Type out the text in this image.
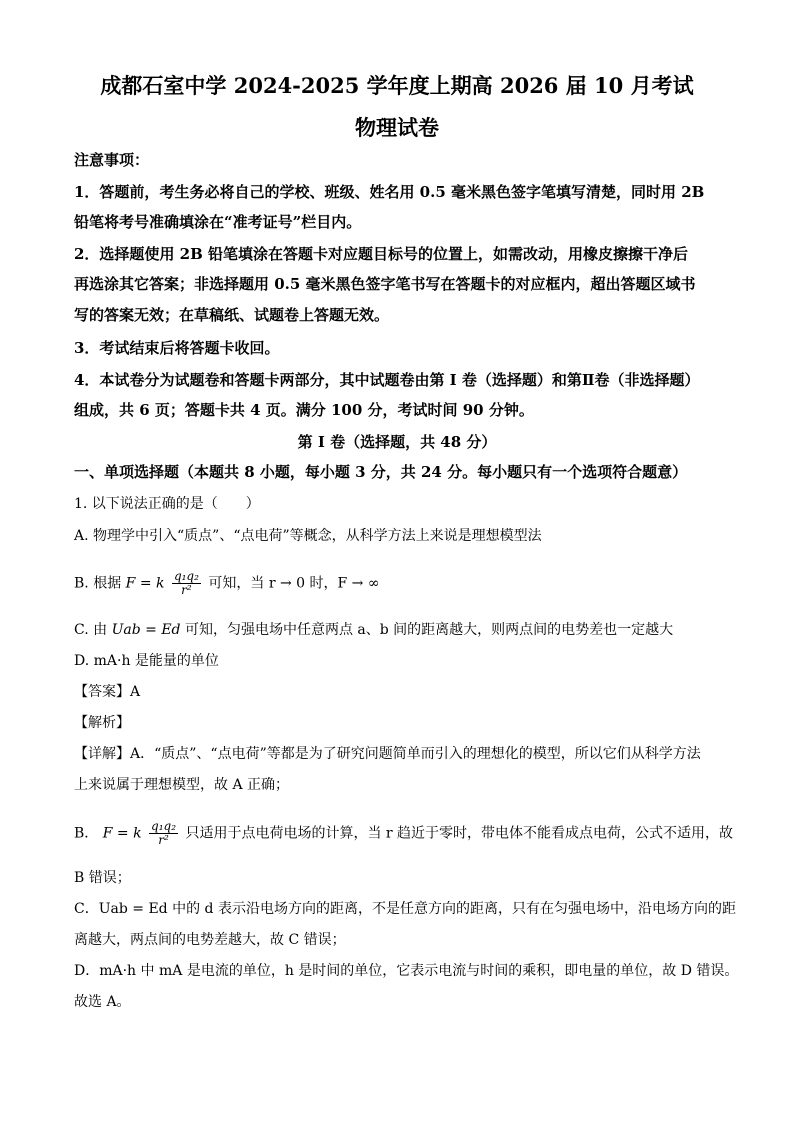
成都石室中学 2024-2025 学年度上期高 2026 届 10 月考试
物理试卷
注意事项：
1．答题前，考生务必将自己的学校、班级、姓名用 0.5 毫米黑色签字笔填写清楚，同时用 2B
铅笔将考号准确填涂在“准考证号”栏目内。
2．选择题使用 2B 铅笔填涂在答题卡对应题目标号的位置上，如需改动，用橡皮擦擦干净后
再选涂其它答案；非选择题用 0.5 毫米黑色签字笔书写在答题卡的对应框内，超出答题区域书
写的答案无效；在草稿纸、试题卷上答题无效。
3．考试结束后将答题卡收回。
4．本试卷分为试题卷和答题卡两部分，其中试题卷由第 Ⅰ 卷（选择题）和第Ⅱ卷（非选择题）
组成，共 6 页；答题卡共 4 页。满分 100 分，考试时间 90 分钟。
第 Ⅰ 卷（选择题，共 48 分）
一、单项选择题（本题共 8 小题，每小题 3 分，共 24 分。每小题只有一个选项符合题意）
1. 以下说法正确的是（　　）
A. 物理学中引入“质点”、“点电荷”等概念，从科学方法上来说是理想模型法
B. 根据 F = k $\frac{\text{q₁q₂}}{\text{r²}}$ 可知，当 r → 0 时，F → ∞
C. 由 Uab = Ed 可知，匀强电场中任意两点 a、b 间的距离越大，则两点间的电势差也一定越大
D. mA·h 是能量的单位
【答案】A
【解析】
【详解】A．“质点”、“点电荷”等都是为了研究问题简单而引入的理想化的模型，所以它们从科学方法
上来说属于理想模型，故 A 正确；
B． F = k $\frac{\text{q₁q₂}}{\text{r²}}$ 只适用于点电荷电场的计算，当 r 趋近于零时，带电体不能看成点电荷，公式不适用，故
B 错误；
C．Uab = Ed 中的 d 表示沿电场方向的距离，不是任意方向的距离，只有在匀强电场中，沿电场方向的距
离越大，两点间的电势差越大，故 C 错误；
D．mA·h 中 mA 是电流的单位，h 是时间的单位，它表示电流与时间的乘积，即电量的单位，故 D 错误。
故选 A。
